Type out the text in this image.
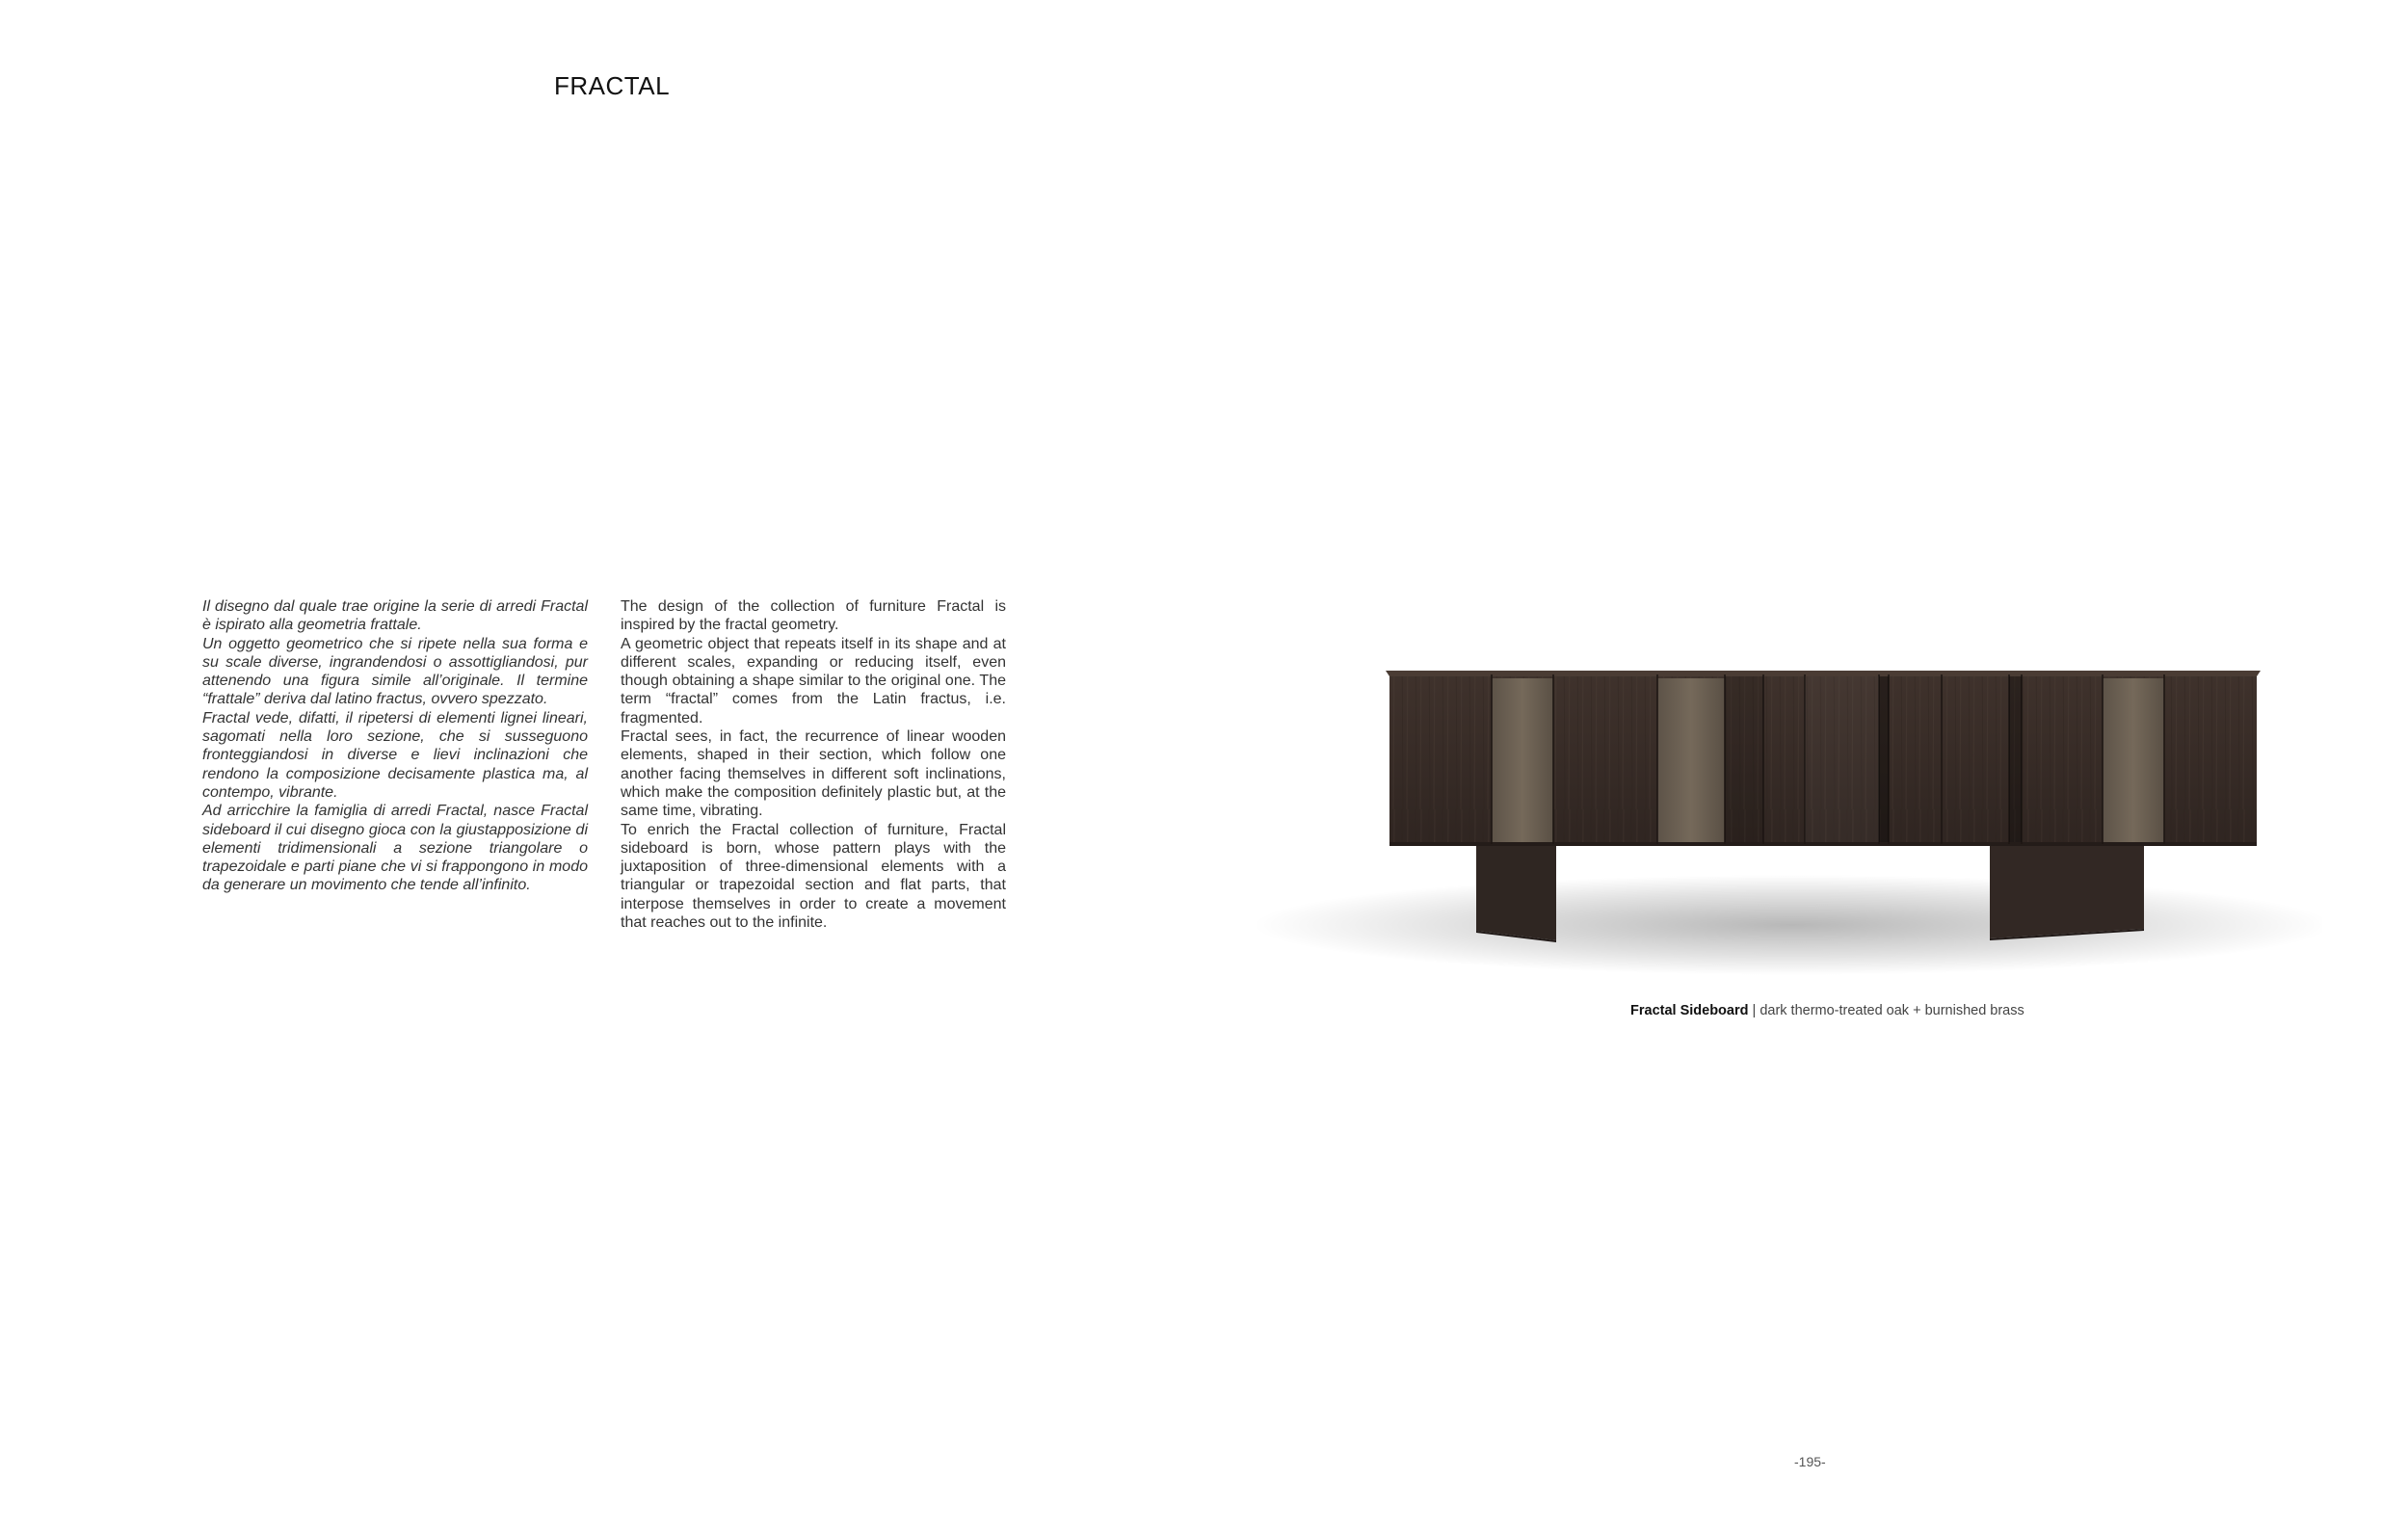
FRACTAL

Il disegno dal quale trae origine la serie di arredi Fractal è ispirato alla geometria frattale.

Un oggetto geometrico che si ripete nella sua forma e su scale diverse, ingrandendosi o assottigliandosi, pur attenendo una figura simile all’originale. Il termine “frattale” deriva dal latino fractus, ovvero spezzato.

Fractal vede, difatti, il ripetersi di elementi lignei lineari, sagomati nella loro sezione, che si susseguono fronteggiandosi in diverse e lievi inclinazioni che rendono la composizione decisamente plastica ma, al contempo, vibrante.

Ad arricchire la famiglia di arredi Fractal, nasce Fractal sideboard il cui disegno gioca con la giustapposizione di elementi tridimensionali a sezione triangolare o trapezoidale e parti piane che vi si frappongono in modo da generare un movimento che tende all’infinito.

The design of the collection of furniture Fractal is inspired by the fractal geometry.

A geometric object that repeats itself in its shape and at different scales, expanding or reducing itself, even though obtaining a shape similar to the original one. The term “fractal” comes from the Latin fractus, i.e. fragmented.

Fractal sees, in fact, the recurrence of linear wooden elements, shaped in their section, which follow one another facing themselves in different soft inclinations, which make the composition definitely plastic but, at the same time, vibrating.

To enrich the Fractal collection of furniture, Fractal sideboard is born, whose pattern plays with the juxtaposition of three-dimensional elements with a triangular or trapezoidal section and flat parts, that interpose themselves in order to create a movement that reaches out to the infinite.

Fractal Sideboard | dark thermo-treated oak + burnished brass
-195-
